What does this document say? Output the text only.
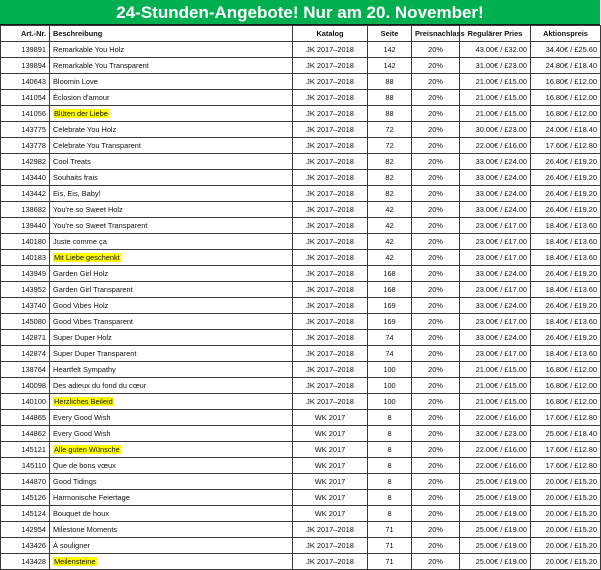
24-Stunden-Angebote! Nur am 20. November!
Art.-Nr.	Beschreibung	Katalog	Seite	Preisnachlass	Regulärer Pries	Aktionspreis
139891	Remarkable You Holz	JK 2017–2018	142	20%	43.00€ / £32.00	34.40€ / £25.60
139894	Remarkable You Transparent	JK 2017–2018	142	20%	31.00€ / £23.00	24.80€ / £18.40
140643	Bloomin Love	JK 2017–2018	88	20%	21.00€ / £15.00	16.80€ / £12.00
141054	Éclosion d'amour	JK 2017–2018	88	20%	21.00€ / £15.00	16.80€ / £12.00
141056	Blüten der Liebe	JK 2017–2018	88	20%	21.00€ / £15.00	16.80€ / £12.00
143775	Celebrate You Holz	JK 2017–2018	72	20%	30.00€ / £23.00	24.00€ / £18.40
143778	Celebrate You Transparent	JK 2017–2018	72	20%	22.00€ / £16.00	17.60€ / £12.80
142982	Cool Treats	JK 2017–2018	82	20%	33.00€ / £24.00	26.40€ / £19.20
143440	Souhaits frais	JK 2017–2018	82	20%	33.00€ / £24.00	26.40€ / £19.20
143442	Eis, Eis, Baby!	JK 2017–2018	82	20%	33.00€ / £24.00	26.40€ / £19.20
138682	You're so Sweet Holz	JK 2017–2018	42	20%	33.00€ / £24.00	26.40€ / £19.20
139440	You're so Sweet Transparent	JK 2017–2018	42	20%	23.00€ / £17.00	18.40€ / £13.60
140180	Juste comme ça	JK 2017–2018	42	20%	23.00€ / £17.00	18.40€ / £13.60
140183	Mit Liebe geschenkt	JK 2017–2018	42	20%	23.00€ / £17.00	18.40€ / £13.60
143949	Garden Girl Holz	JK 2017–2018	168	20%	33.00€ / £24.00	26.40€ / £19.20
143952	Garden Girl Transparent	JK 2017–2018	168	20%	23.00€ / £17.00	18.40€ / £13.60
143740	Good Vibes Holz	JK 2017–2018	169	20%	33.00€ / £24.00	26.40€ / £19.20
145080	Good Vibes Transparent	JK 2017–2018	169	20%	23.00€ / £17.00	18.40€ / £13.60
142871	Super Duper Holz	JK 2017–2018	74	20%	33.00€ / £24.00	26.40€ / £19.20
142874	Super Duper Transparent	JK 2017–2018	74	20%	23.00€ / £17.00	18.40€ / £13.60
138764	Heartfelt Sympathy	JK 2017–2018	100	20%	21.00€ / £15.00	16.80€ / £12.00
140098	Des adieux du fond du cœur	JK 2017–2018	100	20%	21.00€ / £15.00	16.80€ / £12.00
140100	Herzliches Beileid	JK 2017–2018	100	20%	21.00€ / £15.00	16.80€ / £12.00
144865	Every Good Wish	WK 2017	8	20%	22.00€ / £16.00	17.60€ / £12.80
144862	Every Good Wish	WK 2017	8	20%	32.00€ / £23.00	25.60€ / £18.40
145121	Alle guten Wünsche	WK 2017	8	20%	22.00€ / £16.00	17.60€ / £12.80
145110	Que de bons vœux	WK 2017	8	20%	22.00€ / £16.00	17.60€ / £12.80
144870	Good Tidings	WK 2017	8	20%	25.00€ / £19.00	20.00€ / £15.20
145126	Harmonische Feiertage	WK 2017	8	20%	25.00€ / £19.00	20.00€ / £15.20
145124	Bouquet de houx	WK 2017	8	20%	25.00€ / £19.00	20.00€ / £15.20
142954	Milestone Moments	JK 2017–2018	71	20%	25.00€ / £19.00	20.00€ / £15.20
143426	À souligner	JK 2017–2018	71	20%	25.00€ / £19.00	20.00€ / £15.20
143428	Meilensteine	JK 2017–2018	71	20%	25.00€ / £19.00	20.00€ / £15.20
